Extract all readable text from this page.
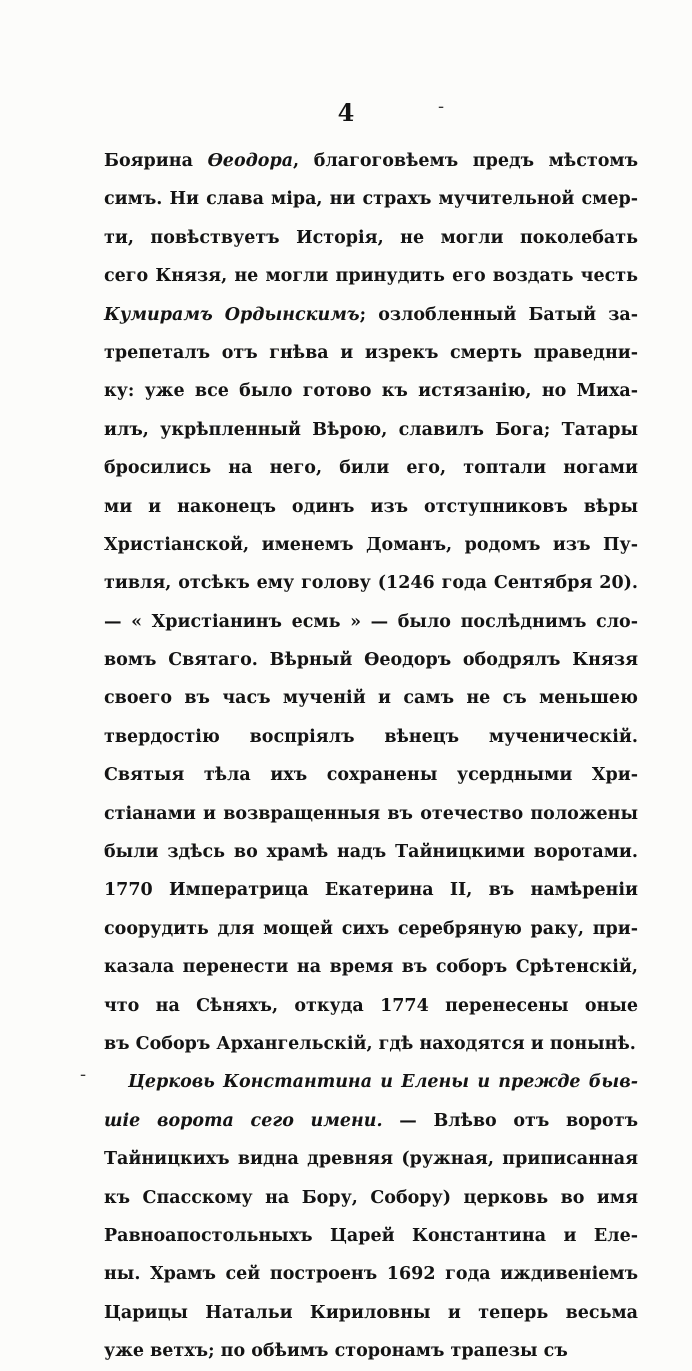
4	-
-
Боярина Ѳеодора, благоговѣемъ предъ мѣстомъ
симъ. Ни слава міра, ни страхъ мучительной смер-
ти, повѣствуетъ Исторія, не могли поколебать
сего Князя, не могли принудить его воздать честь
Кумирамъ Ордынскимъ; озлобленный Батый за-
трепеталъ отъ гнѣва и изрекъ смерть праведни-
ку: уже все было готово къ истязанію, но Миха-
илъ, укрѣпленный Вѣрою, славилъ Бога; Татары
бросились на него, били его, топтали ногами
ми и наконецъ одинъ изъ отступниковъ вѣры
Христіанской, именемъ Доманъ, родомъ изъ Пу-
тивля, отсѣкъ ему голову (1246 года Сентября 20).
— « Христіанинъ есмь » — было послѣднимъ сло-
вомъ Святаго. Вѣрный Ѳеодоръ ободрялъ Князя
своего въ часъ мученій и самъ не съ меньшею
твердостію воспріялъ вѣнецъ мученическій.
Святыя тѣла ихъ сохранены усердными Хри-
стіанами и возвращенныя въ отечество положены
были здѣсь во храмѣ надъ Тайницкими воротами.
1770 Императрица Екатерина II, въ намѣреніи
соорудить для мощей сихъ серебряную раку, при-
казала перенести на время въ соборъ Срѣтенскій,
что на Сѣняхъ, откуда 1774 перенесены оные
въ Соборъ Архангельскій, гдѣ находятся и понынѣ.
Церковь Константина и Елены и прежде быв-
шіе ворота сего имени. — Влѣво отъ воротъ
Тайницкихъ видна древняя (ружная, приписанная
къ Спасскому на Бору, Собору) церковь во имя
Равноапостольныхъ Царей Константина и Еле-
ны. Храмъ сей построенъ 1692 года иждивеніемъ
Царицы Натальи Кириловны и теперь весьма
уже ветхъ; по обѣимъ сторонамъ трапезы съ
